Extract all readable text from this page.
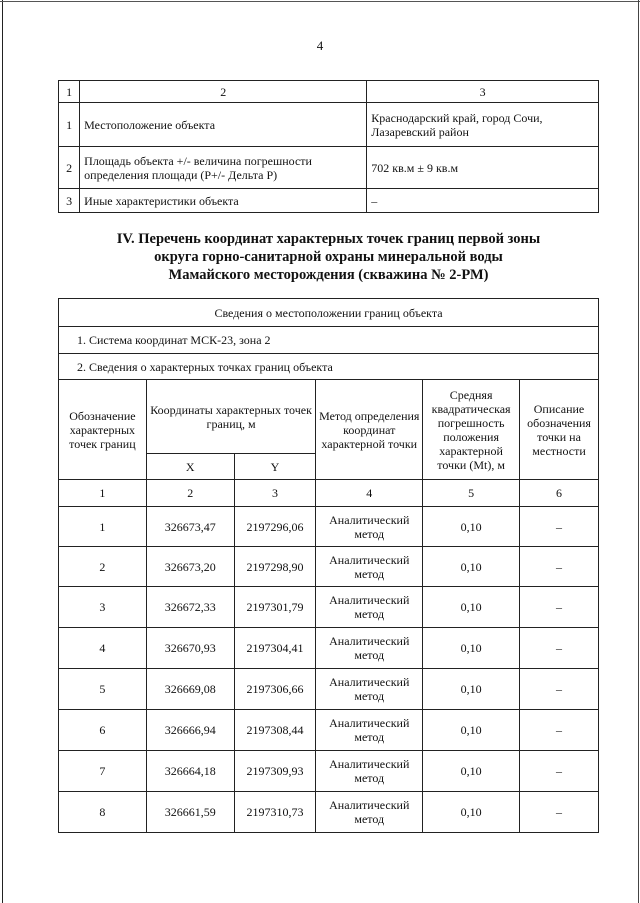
4
1	2	3
1	Местоположение объекта	Краснодарский край, город Сочи, Лазаревский район
2	Площадь объекта +/- величина погрешности определения площади (P+/- Дельта P)	702 кв.м ± 9 кв.м
3	Иные характеристики объекта	–
IV. Перечень координат характерных точек границ первой зоны
округа горно-санитарной охраны минеральной воды
Мамайского месторождения (скважина № 2-РМ)
Сведения о местоположении границ объекта					
1. Система координат МСК-23, зона 2					
2. Сведения о характерных точках границ объекта					
Обозначение характерных точек границ	Координаты характерных точек границ, м		Метод определения координат характерной точки	Средняя квадратическая погрешность положения характерной точки (Mt), м	Описание обозначения точки на местности
	X	Y			
1	2	3	4	5	6
1	326673,47	2197296,06	Аналитический метод	0,10	–
2	326673,20	2197298,90	Аналитический метод	0,10	–
3	326672,33	2197301,79	Аналитический метод	0,10	–
4	326670,93	2197304,41	Аналитический метод	0,10	–
5	326669,08	2197306,66	Аналитический метод	0,10	–
6	326666,94	2197308,44	Аналитический метод	0,10	–
7	326664,18	2197309,93	Аналитический метод	0,10	–
8	326661,59	2197310,73	Аналитический метод	0,10	–
